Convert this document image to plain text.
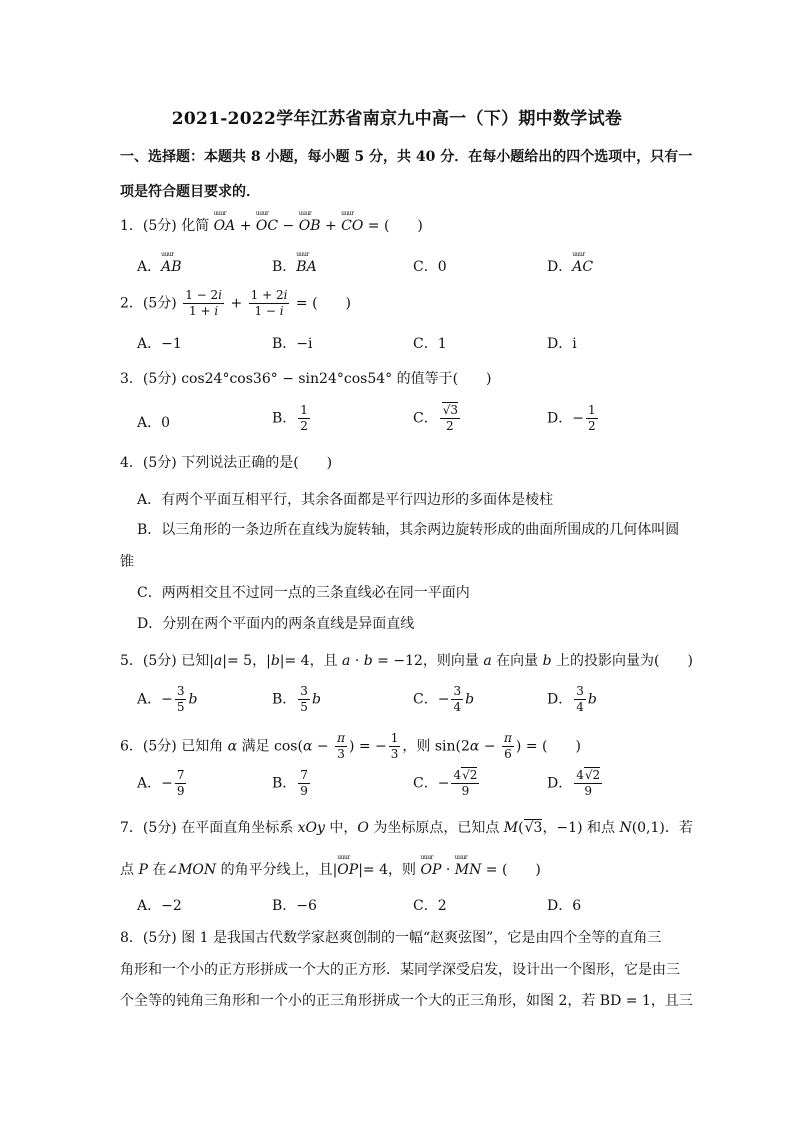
2021-2022学年江苏省南京九中高一（下）期中数学试卷
一、选择题：本题共 8 小题，每小题 5 分，共 40 分．在每小题给出的四个选项中，只有一
项是符合题目要求的．
1．(5分) 化简 uuur OA + uuur OC − uuur OB + uuur CO = (　　)
A．uuur AB	B．uuur BA	C．0	D．uuur AC
2．(5分) $\frac{1 - 2i}{1 + i} + \frac{1 + 2i}{1 - i}$ = (　　)
A．−1	B．−i	C．1	D．i
3．(5分) cos24°cos36° − sin24°cos54° 的值等于(　　)
A．0	B． $\frac{1}{2}$	C． $\frac{√3}{2}$	D．− $\frac{1}{2}$
4．(5分) 下列说法正确的是(　　)
A．有两个平面互相平行，其余各面都是平行四边形的多面体是棱柱
B．以三角形的一条边所在直线为旋转轴，其余两边旋转形成的曲面所围成的几何体叫圆
锥
C．两两相交且不过同一点的三条直线必在同一平面内
D．分别在两个平面内的两条直线是异面直线
5．(5分) 已知|a|= 5，|b|= 4，且 a · b = −12，则向量 a 在向量 b 上的投影向量为(　　)
A．− $\frac{3}{5}$ b	B． $\frac{3}{5}$ b	C．− $\frac{3}{4}$ b	D． $\frac{3}{4}$ b
6．(5分) 已知角 α 满足 $\cos(\alpha - \frac{\pi}{3}$ ) = − $\frac{1}{3}$ ，则 $\sin(2\alpha - \frac{\pi}{6}$ ) = (　　)
A．− $\frac{7}{9}$	B． $\frac{7}{9}$	C．− $\frac{4√2}{9}$	D． $\frac{4√2}{9}$
7．(5分) 在平面直角坐标系 xOy 中，O 为坐标原点，已知点 M(√3，−1) 和点 N(0,1)．若
点 P 在∠MON 的角平分线上，且|uuur OP|= 4，则 uuur OP · uuur MN = (　　)
A．−2	B．−6	C．2	D．6
8．(5分) 图 1 是我国古代数学家赵爽创制的一幅“赵爽弦图”，它是由四个全等的直角三
角形和一个小的正方形拼成一个大的正方形．某同学深受启发，设计出一个图形，它是由三
个全等的钝角三角形和一个小的正三角形拼成一个大的正三角形，如图 2，若 BD = 1，且三
